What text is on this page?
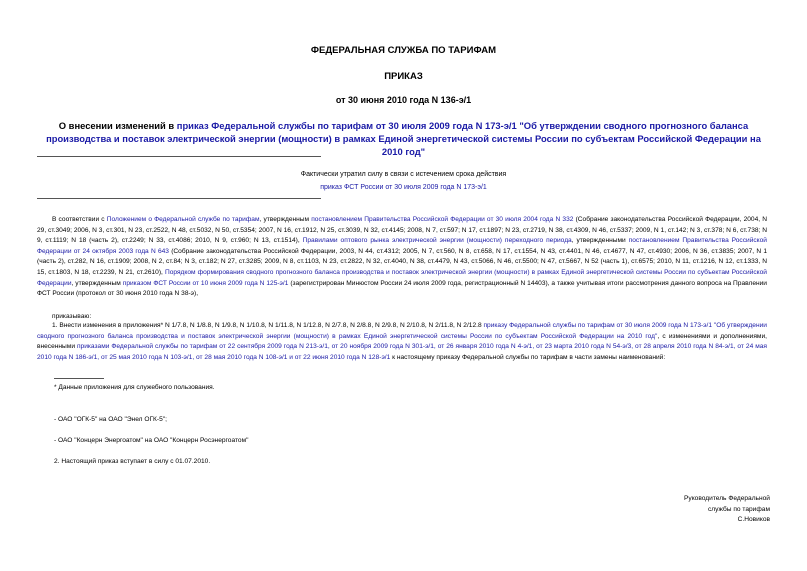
ФЕДЕРАЛЬНАЯ СЛУЖБА ПО ТАРИФАМ
ПРИКАЗ
от 30 июня 2010 года N 136-э/1
О внесении изменений в приказ Федеральной службы по тарифам от 30 июля 2009 года N 173-э/1 "Об утверждении сводного прогнозного баланса производства и поставок электрической энергии (мощности) в рамках Единой энергетической системы России по субъектам Российской Федерации на 2010 год"
Фактически утратил силу в связи с истечением срока действия
приказ ФСТ России от 30 июля 2009 года N 173-э/1
В соответствии с Положением о Федеральной службе по тарифам, утвержденным постановлением Правительства Российской Федерации от 30 июля 2004 года N 332 (Собрание законодательства Российской Федерации, 2004, N 29, ст.3049; 2006, N 3, ст.301, N 23, ст.2522, N 48, ст.5032, N 50, ст.5354; 2007, N 16, ст.1912, N 25, ст.3039, N 32, ст.4145; 2008, N 7, ст.597; N 17, ст.1897; N 23, ст.2719, N 38, ст.4309, N 46, ст.5337; 2009, N 1, ст.142; N 3, ст.378; N 6, ст.738; N 9, ст.1119; N 18 (часть 2), ст.2249; N 33, ст.4086; 2010, N 9, ст.960; N 13, ст.1514), Правилами оптового рынка электрической энергии (мощности) переходного периода, утвержденными постановлением Правительства Российской Федерации от 24 октября 2003 года N 643 (Собрание законодательства Российской Федерации, 2003, N 44, ст.4312; 2005, N 7, ст.560, N 8, ст.658, N 17, ст.1554, N 43, ст.4401, N 46, ст.4677, N 47, ст.4930; 2006, N 36, ст.3835; 2007, N 1 (часть 2), ст.282, N 16, ст.1909; 2008, N 2, ст.84; N 3, ст.182; N 27, ст.3285; 2009, N 8, ст.1103, N 23, ст.2822, N 32, ст.4040, N 38, ст.4479, N 43, ст.5066, N 46, ст.5500; N 47, ст.5667, N 52 (часть 1), ст.6575; 2010, N 11, ст.1216, N 12, ст.1333, N 15, ст.1803, N 18, ст.2239, N 21, ст.2610), Порядком формирования сводного прогнозного баланса производства и поставок электрической энергии (мощности) в рамках Единой энергетической системы России по субъектам Российской Федерации, утвержденным приказом ФСТ России от 10 июня 2009 года N 125-э/1 (зарегистрирован Минюстом России 24 июля 2009 года, регистрационный N 14403), а также учитывая итоги рассмотрения данного вопроса на Правлении ФСТ России (протокол от 30 июня 2010 года N 38-э),
приказываю:
1. Внести изменения в приложения* N 1/7.8, N 1/8.8, N 1/9.8, N 1/10.8, N 1/11.8, N 1/12.8, N 2/7.8, N 2/8.8, N 2/9.8, N 2/10.8, N 2/11.8, N 2/12.8 приказу Федеральной службы по тарифам от 30 июля 2009 года N 173-э/1 "Об утверждении сводного прогнозного баланса производства и поставок электрической энергии (мощности) в рамках Единой энергетической системы России по субъектам Российской Федерации на 2010 год", с изменениями и дополнениями, внесенными приказами Федеральной службы по тарифам от 22 сентября 2009 года N 213-э/1, от 20 ноября 2009 года N 301-э/1, от 26 января 2010 года N 4-э/1, от 23 марта 2010 года N 54-э/3, от 28 апреля 2010 года N 84-э/1, от 24 мая 2010 года N 186-э/1, от 25 мая 2010 года N 103-э/1, от 28 мая 2010 года N 108-э/1 и от 22 июня 2010 года N 128-э/1 к настоящему приказу Федеральной службы по тарифам в части замены наименований:
* Данные приложения для служебного пользования.
- ОАО "ОГК-5" на ОАО "Энел ОГК-5";
- ОАО "Концерн Энергоатом" на ОАО "Концерн Росэнергоатом"
2. Настоящий приказ вступает в силу с 01.07.2010.
Руководитель Федеральной
службы по тарифам
С.Новиков
